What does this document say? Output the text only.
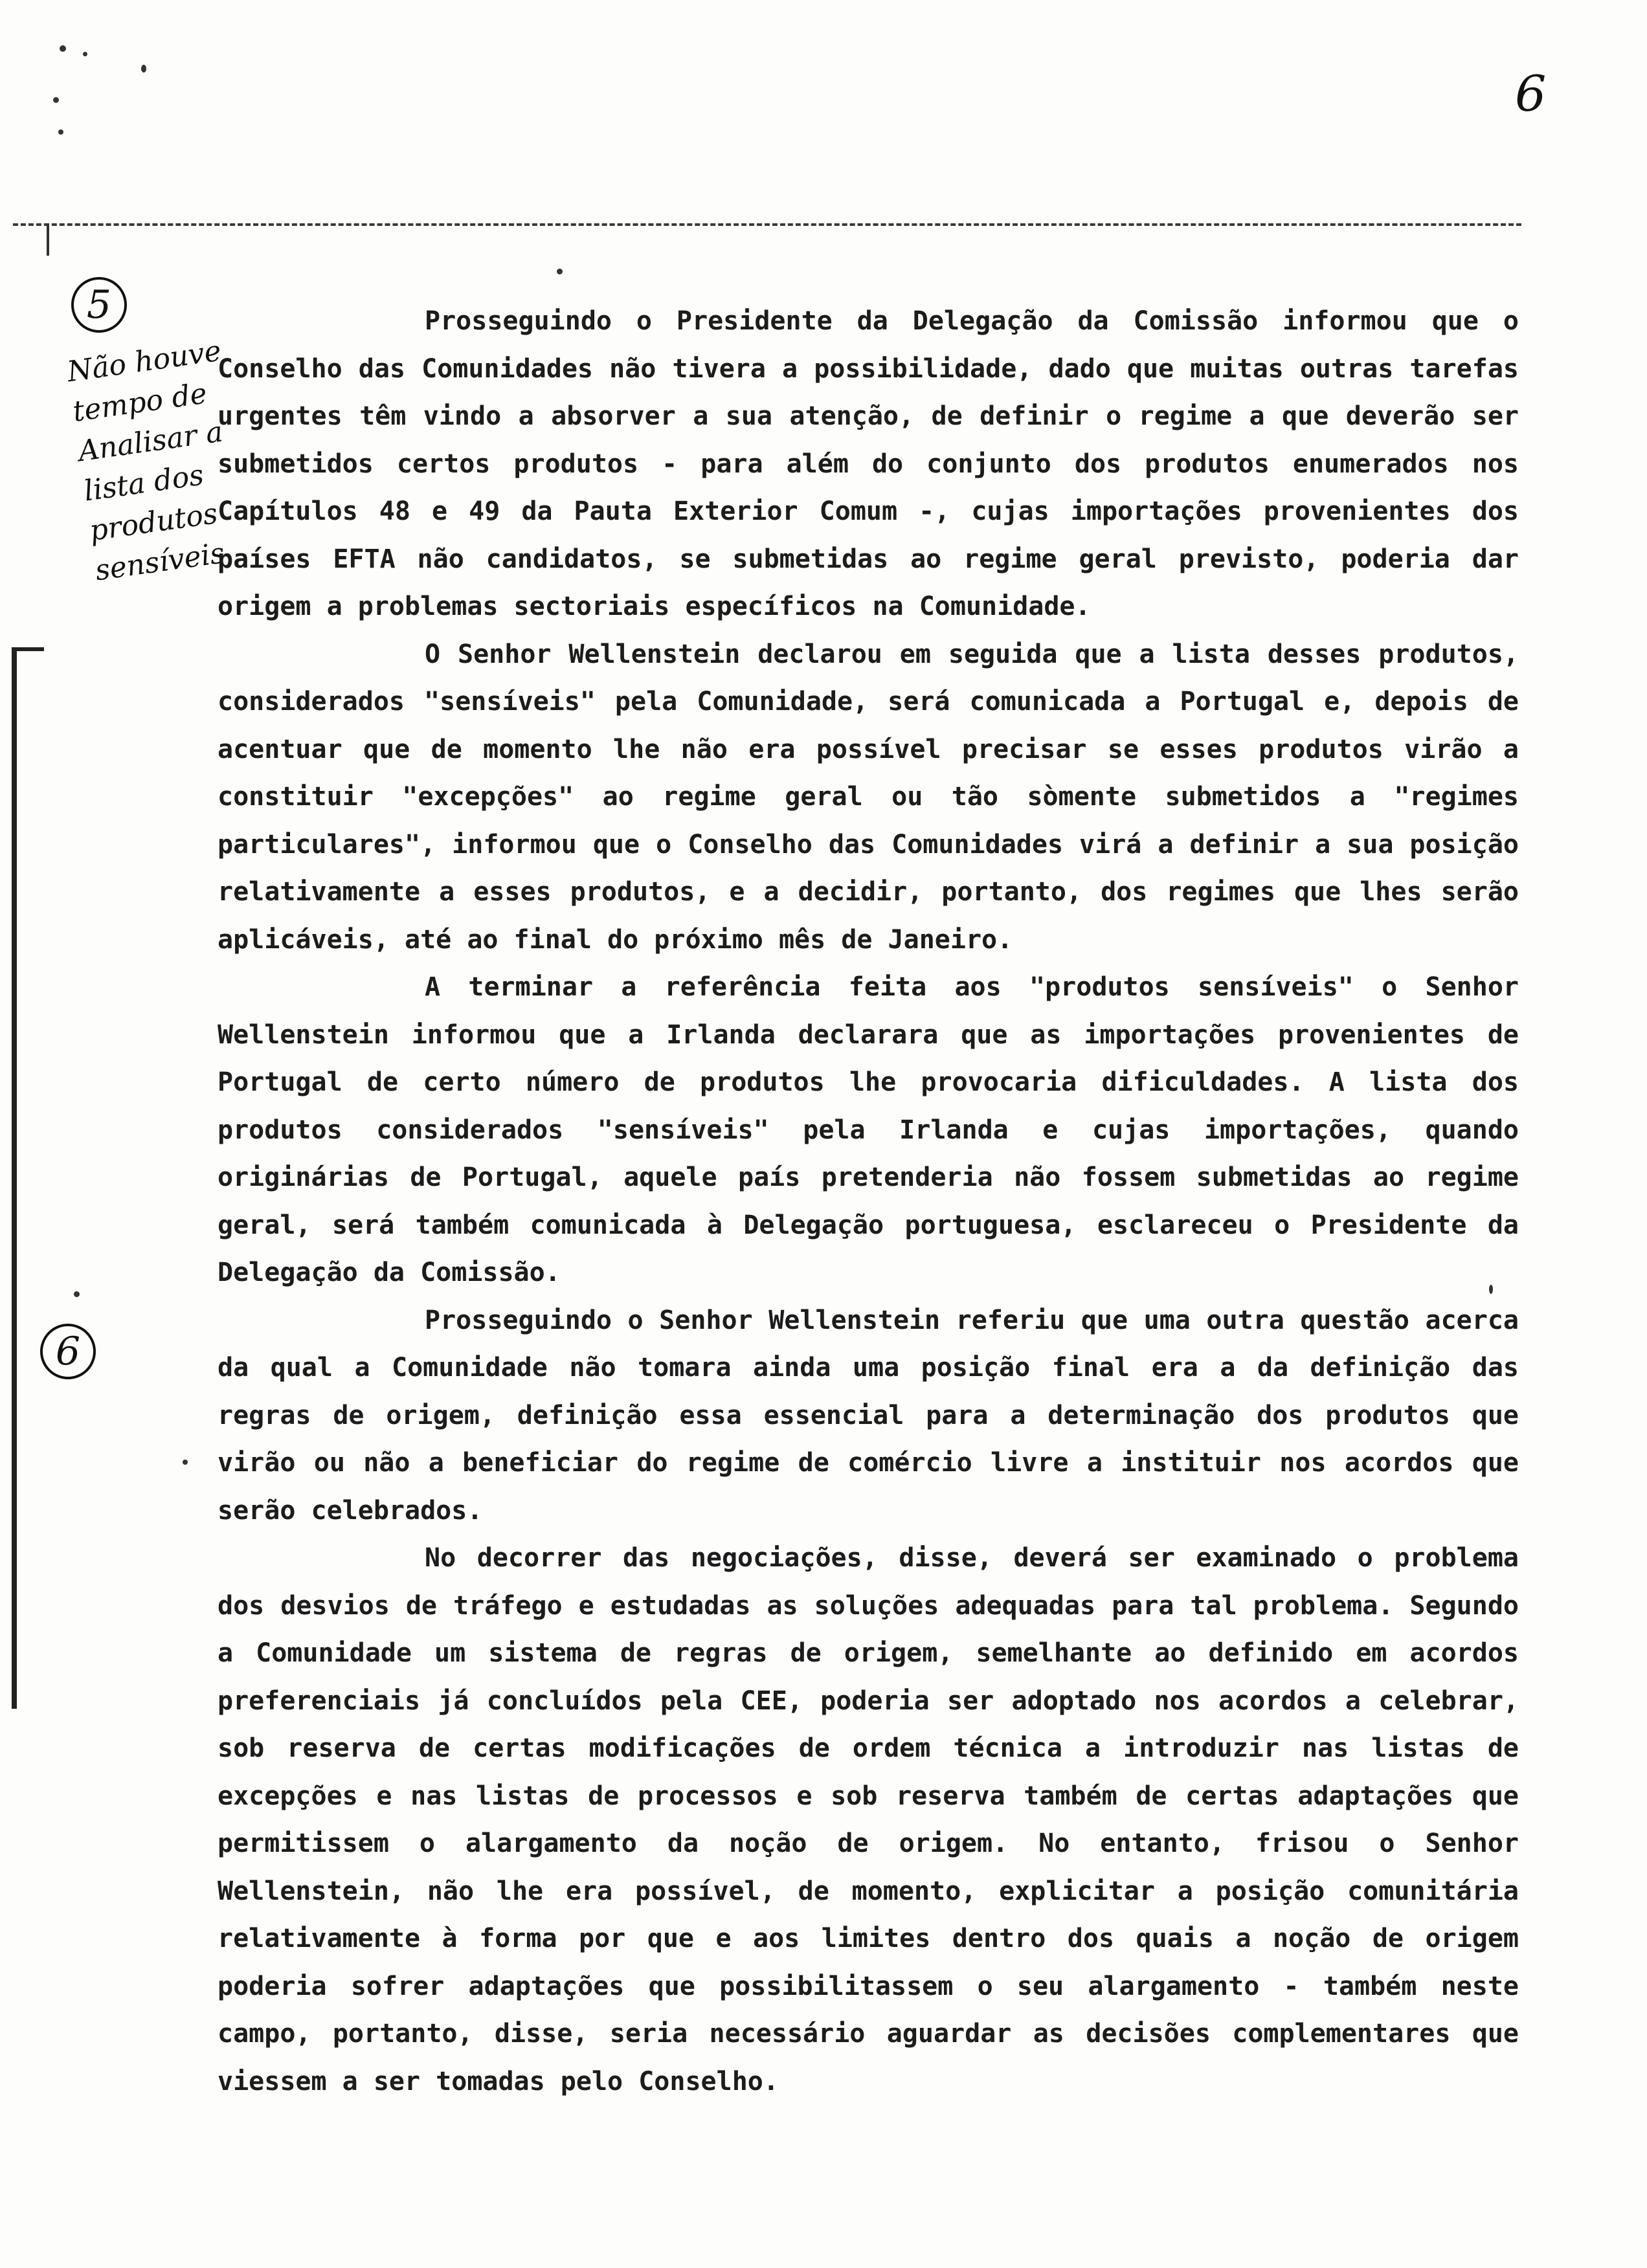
6
5
6
Não houve
tempo de
Analisar a
lista dos
produtos
sensíveis

Prosseguindo o Presidente da Delegação da Comissão informou que o Conselho das Comunidades não tivera a possibilidade, dado que muitas outras tarefas urgentes têm vindo a absorver a sua atenção, de definir o regime a que deverão ser submetidos certos produtos - para além do conjunto dos produtos enumerados nos Capítulos 48 e 49 da Pauta Exterior Comum -, cujas importações provenientes dos países EFTA não candidatos, se submetidas ao regime geral previsto, poderia dar origem a problemas sectoriais específicos na Comunidade.

O Senhor Wellenstein declarou em seguida que a lista desses produtos, considerados "sensíveis" pela Comunidade, será comunicada a Portugal e, depois de acentuar que de momento lhe não era possível precisar se esses produtos virão a constituir "excepções" ao regime geral ou tão sòmente submetidos a "regimes particulares", informou que o Conselho das Comunidades virá a definir a sua posição relativamente a esses produtos, e a decidir, portanto, dos regimes que lhes serão aplicáveis, até ao final do próximo mês de Janeiro.

A terminar a referência feita aos "produtos sensíveis" o Senhor Wellenstein informou que a Irlanda declarara que as importações provenientes de Portugal de certo número de produtos lhe provocaria dificuldades. A lista dos produtos considerados "sensíveis" pela Irlanda e cujas importações, quando originárias de Portugal, aquele país pretenderia não fossem submetidas ao regime geral, será também comunicada à Delegação portuguesa, esclareceu o Presidente da Delegação da Comissão.

Prosseguindo o Senhor Wellenstein referiu que uma outra questão acerca da qual a Comunidade não tomara ainda uma posição final era a da definição das regras de origem, definição essa essencial para a determinação dos produtos que virão ou não a beneficiar do regime de comércio livre a instituir nos acordos que serão celebrados.

No decorrer das negociações, disse, deverá ser examinado o problema dos desvios de tráfego e estudadas as soluções adequadas para tal problema. Segundo a Comunidade um sistema de regras de origem, semelhante ao definido em acordos preferenciais já concluídos pela CEE, poderia ser adoptado nos acordos a celebrar, sob reserva de certas modificações de ordem técnica a introduzir nas listas de excepções e nas listas de processos e sob reserva também de certas adaptações que permitissem o alargamento da noção de origem. No entanto, frisou o Senhor Wellenstein, não lhe era possível, de momento, explicitar a posição comunitária relativamente à forma por que e aos limites dentro dos quais a noção de origem poderia sofrer adaptações que possibilitassem o seu alargamento - também neste campo, portanto, disse, seria necessário aguardar as decisões complementares que viessem a ser tomadas pelo Conselho.
